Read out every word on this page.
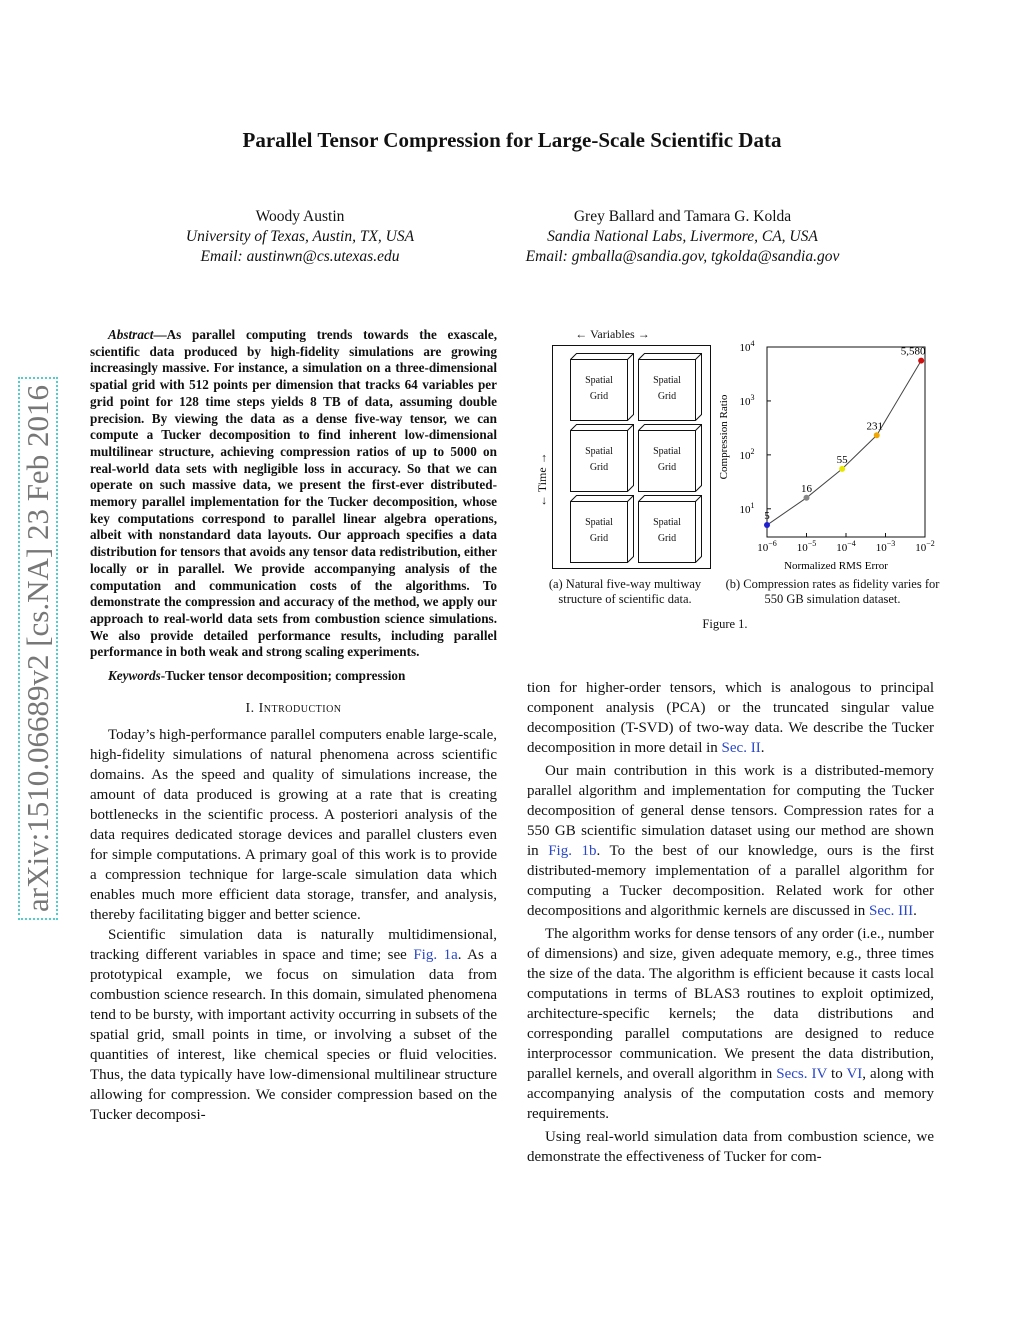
Parallel Tensor Compression for Large-Scale Scientific Data
Woody Austin
University of Texas, Austin, TX, USA
Email: austinwn@cs.utexas.edu
Grey Ballard and Tamara G. Kolda
Sandia National Labs, Livermore, CA, USA
Email: gmballa@sandia.gov, tgkolda@sandia.gov
arXiv:1510.06689v2 [cs.NA] 23 Feb 2016
Abstract—As parallel computing trends towards the exascale, scientific data produced by high-fidelity simulations are growing increasingly massive. For instance, a simulation on a three-dimensional spatial grid with 512 points per dimension that tracks 64 variables per grid point for 128 time steps yields 8 TB of data, assuming double precision. By viewing the data as a dense five-way tensor, we can compute a Tucker decomposition to find inherent low-dimensional multilinear structure, achieving compression ratios of up to 5000 on real-world data sets with negligible loss in accuracy. So that we can operate on such massive data, we present the first-ever distributed-memory parallel implementation for the Tucker decomposition, whose key computations correspond to parallel linear algebra operations, albeit with nonstandard data layouts. Our approach specifies a data distribution for tensors that avoids any tensor data redistribution, either locally or in parallel. We provide accompanying analysis of the computation and communication costs of the algorithms. To demonstrate the compression and accuracy of the method, we apply our approach to real-world data sets from combustion science simulations. We also provide detailed performance results, including parallel performance in both weak and strong scaling experiments.
Keywords-Tucker tensor decomposition; compression
I. Introduction

Today’s high-performance parallel computers enable large-scale, high-fidelity simulations of natural phenomena across scientific domains. As the speed and quality of simulations increase, the amount of data produced is growing at a rate that is creating bottlenecks in the scientific process. A posteriori analysis of the data requires dedicated storage devices and parallel clusters even for simple computations. A primary goal of this work is to provide a compression technique for large-scale simulation data which enables much more efficient data storage, transfer, and analysis, thereby facilitating bigger and better science.

Scientific simulation data is naturally multidimensional, tracking different variables in space and time; see Fig. 1a. As a prototypical example, we focus on simulation data from combustion science research. In this domain, simulated phenomena tend to be bursty, with important activity occurring in subsets of the spatial grid, small points in time, or involving a subset of the quantities of interest, like chemical species or fluid velocities. Thus, the data typically have low-dimensional multilinear structure allowing for compression. We consider compression based on the Tucker decomposi-

← Variables →
← Time →
Spatial
Grid
Spatial
Grid
Spatial
Grid
Spatial
Grid
Spatial
Grid
Spatial
Grid
$10^{-6}$ $10^{-5}$ $10^{-4}$ $10^{-3}$ $10^{-2}$
$10^1$
$10^2$
$10^3$
$10^4$
Normalized RMS Error
Compression Ratio
5
16
55
231
5,580
(a) Natural five-way multiway structure of scientific data.
(b) Compression rates as fidelity varies for 550 GB simulation dataset.
Figure 1.

tion for higher-order tensors, which is analogous to principal component analysis (PCA) or the truncated singular value decomposition (T-SVD) of two-way data. We describe the Tucker decomposition in more detail in Sec. II.

Our main contribution in this work is a distributed-memory parallel algorithm and implementation for computing the Tucker decomposition of general dense tensors. Compression rates for a 550 GB scientific simulation dataset using our method are shown in Fig. 1b. To the best of our knowledge, ours is the first distributed-memory implementation of a parallel algorithm for computing a Tucker decomposition. Related work for other decompositions and algorithmic kernels are discussed in Sec. III.

The algorithm works for dense tensors of any order (i.e., number of dimensions) and size, given adequate memory, e.g., three times the size of the data. The algorithm is efficient because it casts local computations in terms of BLAS3 routines to exploit optimized, architecture-specific kernels; the data distributions and corresponding parallel computations are designed to reduce interprocessor communication. We present the data distribution, parallel kernels, and overall algorithm in Secs. IV to VI, along with accompanying analysis of the computation costs and memory requirements.

Using real-world simulation data from combustion science, we demonstrate the effectiveness of Tucker for com-
